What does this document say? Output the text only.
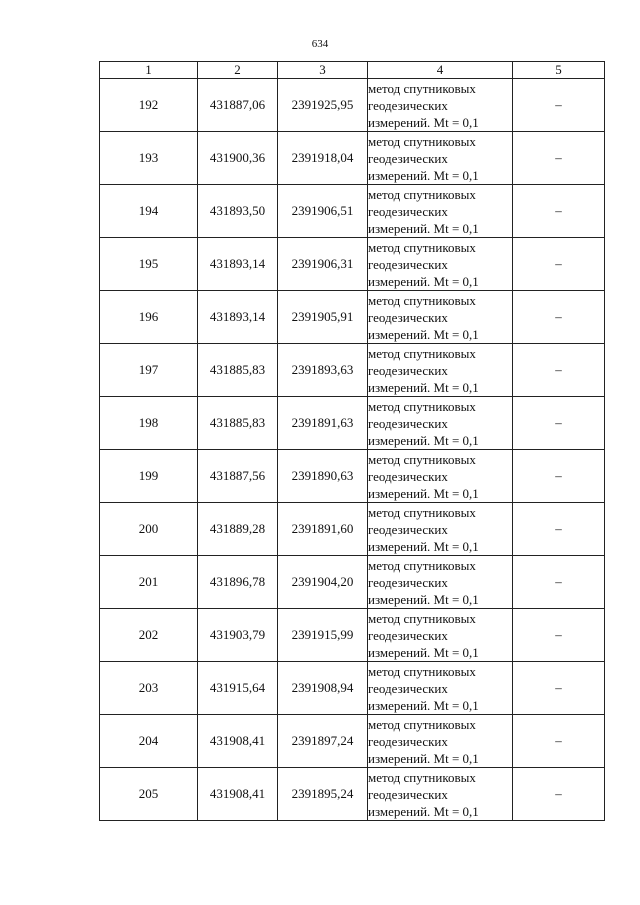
634
1	2	3	4	5
192	431887,06	2391925,95	метод спутниковых
геодезических
измерений. Mt = 0,1	–
193	431900,36	2391918,04	метод спутниковых
геодезических
измерений. Mt = 0,1	–
194	431893,50	2391906,51	метод спутниковых
геодезических
измерений. Mt = 0,1	–
195	431893,14	2391906,31	метод спутниковых
геодезических
измерений. Mt = 0,1	–
196	431893,14	2391905,91	метод спутниковых
геодезических
измерений. Mt = 0,1	–
197	431885,83	2391893,63	метод спутниковых
геодезических
измерений. Mt = 0,1	–
198	431885,83	2391891,63	метод спутниковых
геодезических
измерений. Mt = 0,1	–
199	431887,56	2391890,63	метод спутниковых
геодезических
измерений. Mt = 0,1	–
200	431889,28	2391891,60	метод спутниковых
геодезических
измерений. Mt = 0,1	–
201	431896,78	2391904,20	метод спутниковых
геодезических
измерений. Mt = 0,1	–
202	431903,79	2391915,99	метод спутниковых
геодезических
измерений. Mt = 0,1	–
203	431915,64	2391908,94	метод спутниковых
геодезических
измерений. Mt = 0,1	–
204	431908,41	2391897,24	метод спутниковых
геодезических
измерений. Mt = 0,1	–
205	431908,41	2391895,24	метод спутниковых
геодезических
измерений. Mt = 0,1	–
